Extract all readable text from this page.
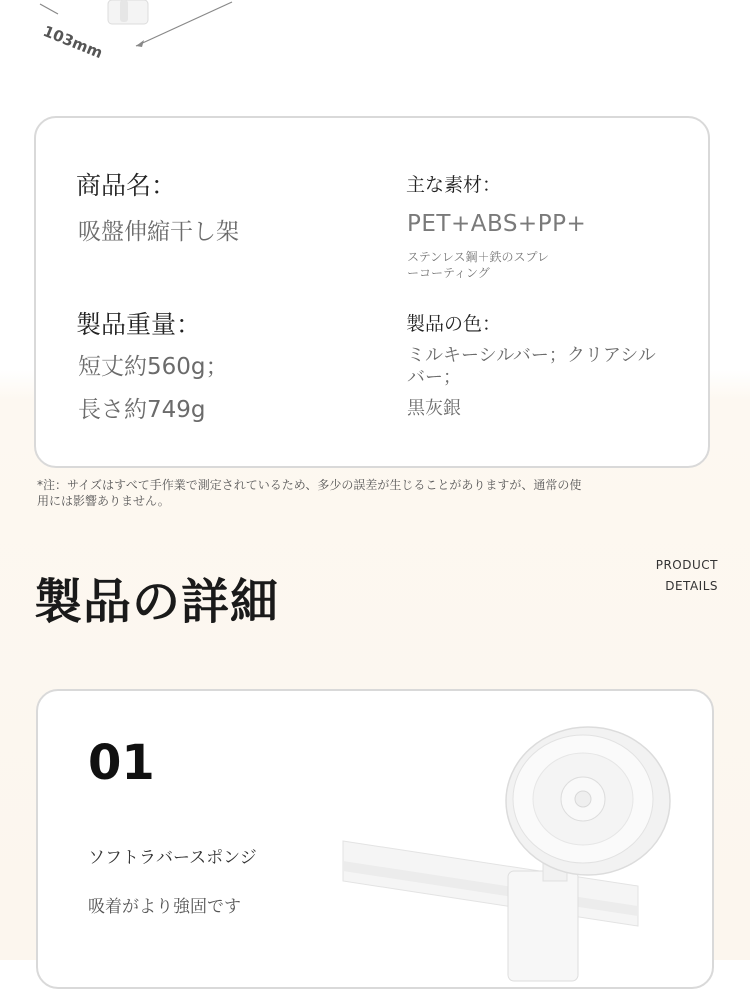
103mm
商品名：
吸盤伸縮干し架
主な素材：
PET+ABS+PP+
ステンレス鋼＋鉄のスプレ
ーコーティング
製品重量：
短丈約560g；
長さ約749g
製品の色：
ミルキーシルバー；クリアシル
バー；
黒灰銀
*注：サイズはすべて手作業で測定されているため、多少の誤差が生じることがありますが、通常の使
用には影響ありません。
製品の詳細
PRODUCT
DETAILS
01
ソフトラバースポンジ
吸着がより強固です
